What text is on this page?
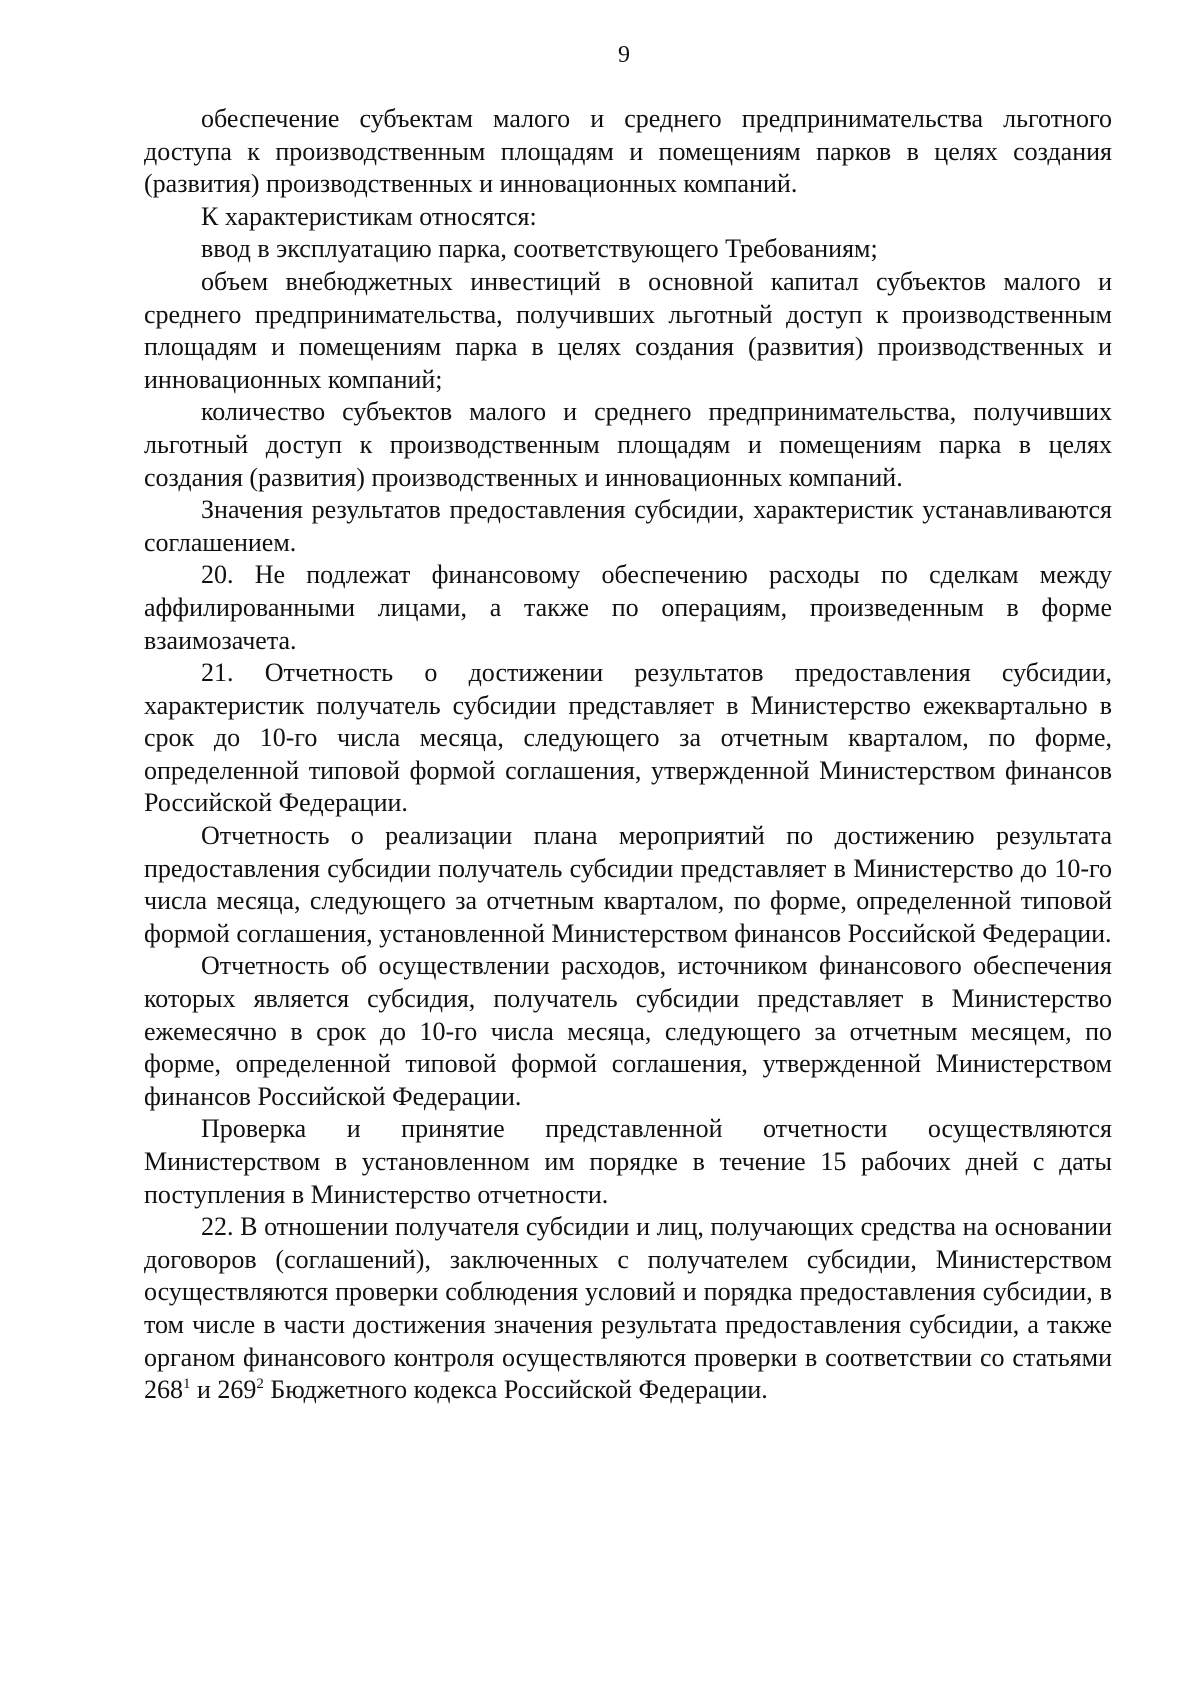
9

обеспечение субъектам малого и среднего предпринимательства льготного доступа к производственным площадям и помещениям парков в целях создания (развития) производственных и инновационных компаний.

К характеристикам относятся:

ввод в эксплуатацию парка, соответствующего Требованиям;

объем внебюджетных инвестиций в основной капитал субъектов малого и среднего предпринимательства, получивших льготный доступ к производственным площадям и помещениям парка в целях создания (развития) производственных и инновационных компаний;

количество субъектов малого и среднего предпринимательства, получивших льготный доступ к производственным площадям и помещениям парка в целях создания (развития) производственных и инновационных компаний.

Значения результатов предоставления субсидии, характеристик устанавливаются соглашением.

20. Не подлежат финансовому обеспечению расходы по сделкам между аффилированными лицами, а также по операциям, произведенным в форме взаимозачета.

21. Отчетность о достижении результатов предоставления субсидии, характеристик получатель субсидии представляет в Министерство ежеквартально в срок до 10-го числа месяца, следующего за отчетным кварталом, по форме, определенной типовой формой соглашения, утвержденной Министерством финансов Российской Федерации.

Отчетность о реализации плана мероприятий по достижению результата предоставления субсидии получатель субсидии представляет в Министерство до 10-го числа месяца, следующего за отчетным кварталом, по форме, определенной типовой формой соглашения, установленной Министерством финансов Российской Федерации.

Отчетность об осуществлении расходов, источником финансового обеспечения которых является субсидия, получатель субсидии представляет в Министерство ежемесячно в срок до 10-го числа месяца, следующего за отчетным месяцем, по форме, определенной типовой формой соглашения, утвержденной Министерством финансов Российской Федерации.

Проверка и принятие представленной отчетности осуществляются Министерством в установленном им порядке в течение 15 рабочих дней с даты поступления в Министерство отчетности.

22. В отношении получателя субсидии и лиц, получающих средства на основании договоров (соглашений), заключенных с получателем субсидии, Министерством осуществляются проверки соблюдения условий и порядка предоставления субсидии, в том числе в части достижения значения результата предоставления субсидии, а также органом финансового контроля осуществляются проверки в соответствии со статьями $268^1$ и $269^2$ Бюджетного кодекса Российской Федерации.
